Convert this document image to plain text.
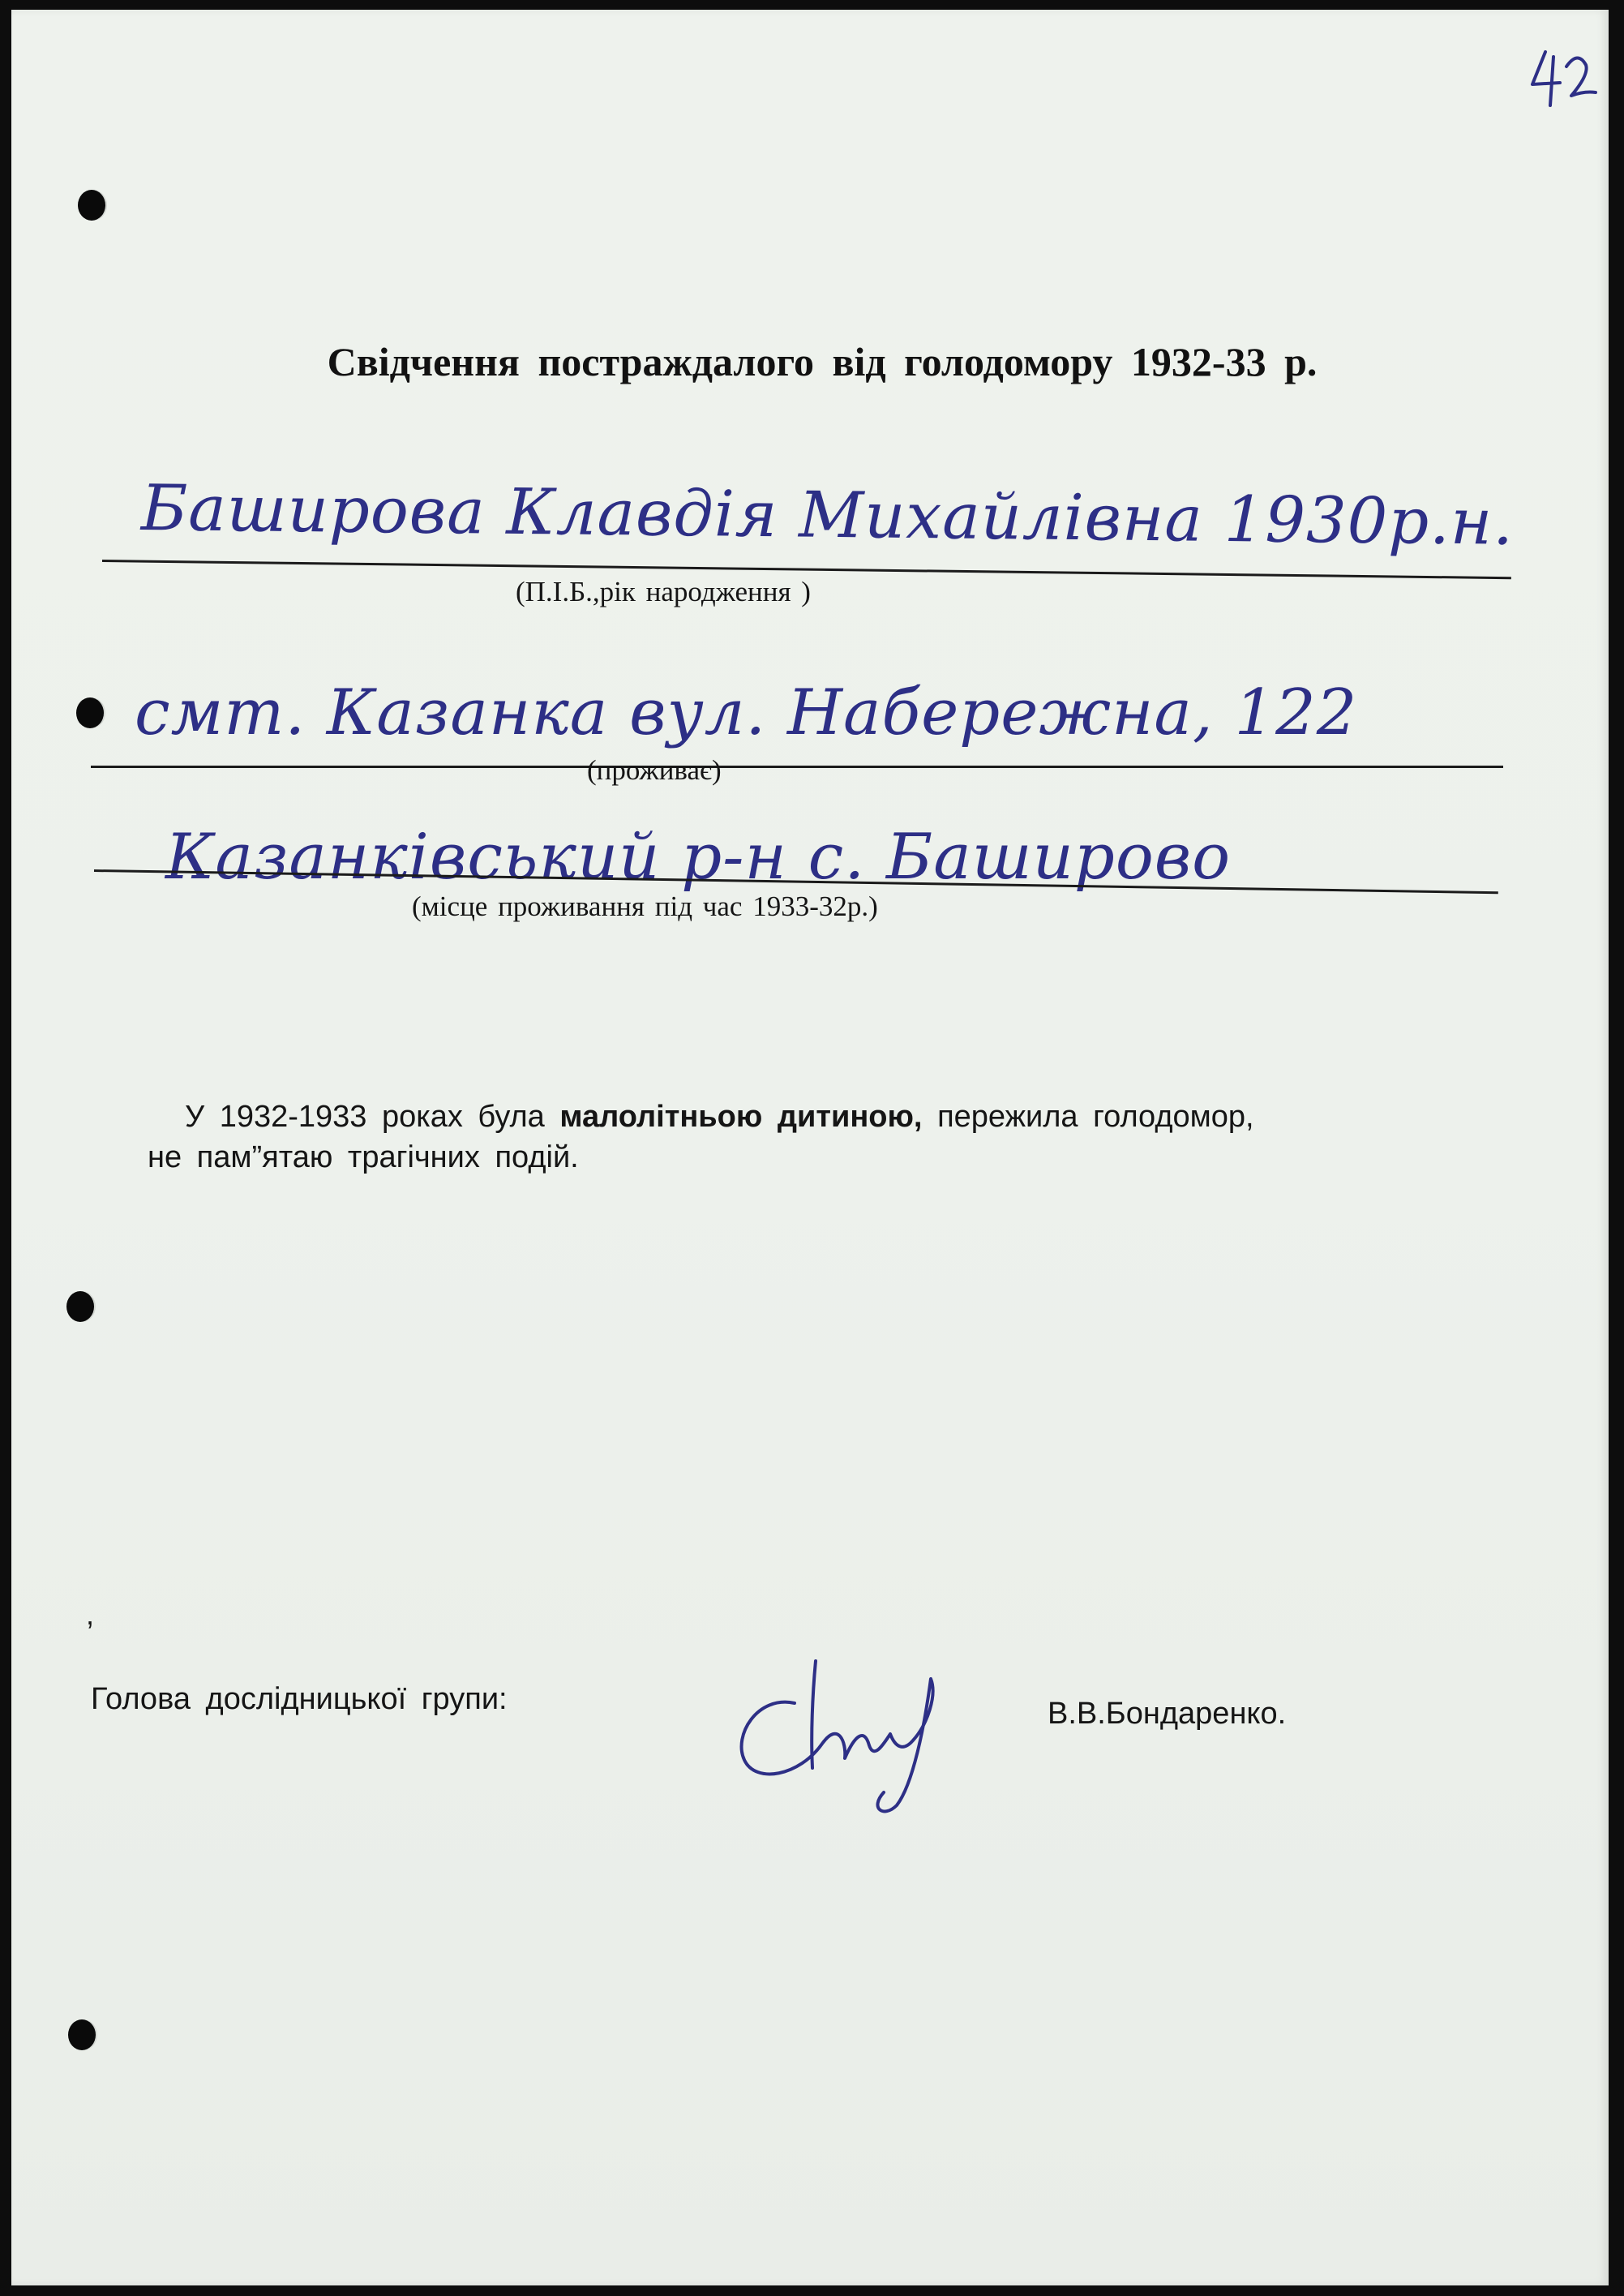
Свідчення постраждалого від голодомору 1932-33 р.
Баширова Клавдія Михайлівна 1930р.н.
(П.І.Б.,рік народження )
смт. Казанка вул. Набережна, 122
(проживає)
Казанківський р-н с. Баширово
(місце проживання під час 1933-32р.)
У 1932-1933 роках була малолітньою дитиною, пережила голодомор,
не пам”ятаю трагічних подій.
,
Голова дослідницької групи:	В.В.Бондаренко.
